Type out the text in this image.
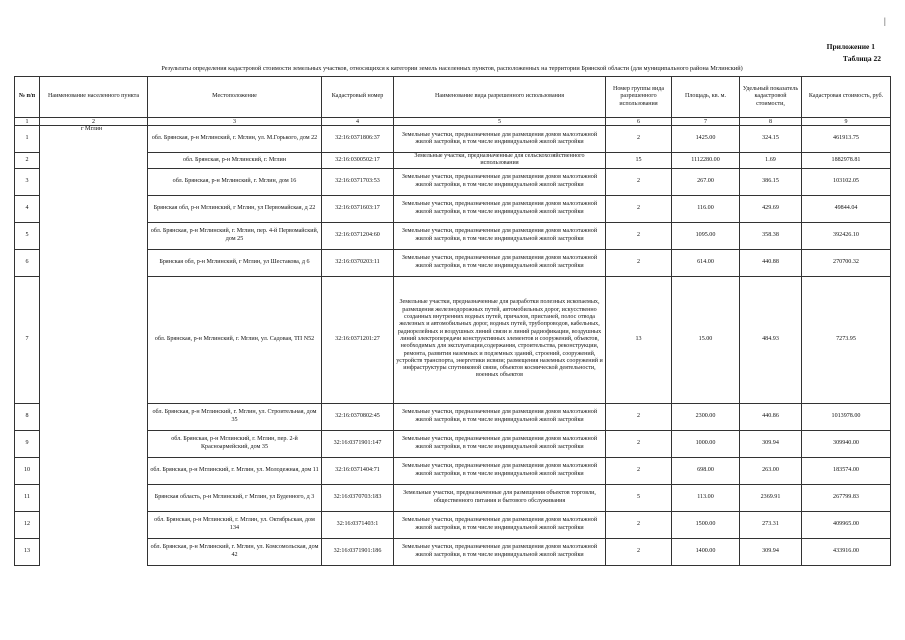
|
Приложение 1
Таблица 22
Результаты определения кадастровой стоимости земельных участков, относящихся к категории земель населенных пунктов, расположенных на территории Брянской области (для муниципального района Мглинский)
№ п/п	Наименование населенного пункта	Местоположение	Кадастровый номер	Наименование вида разрешенного использования	Номер группы вида разрешенного использования	Площадь, кв. м.	Удельный показатель кадастровой стоимости,	Кадастровая стоимость, руб.
1	2	3	4	5	6	7	8	9
1	г Мглин	обл. Брянская, р-н Мглинский, г. Мглин, ул. М.Горького, дом 22	32:16:0371806:37	Земельные участки, предназначенные для размещения домов малоэтажной жилой застройки, в том числе индивидуальной жилой застройки	2	1425.00	324.15	461913.75
2		обл. Брянская, р-н Мглинский, г. Мглин	32:16:0300502:17	Земельные участки, предназначенные для сельскохозяйственного использования	15	1112280.00	1.69	1882978.81
3		обл. Брянская, р-н Мглинский, г. Мглин, дом 16	32:16:0371703:53	Земельные участки, предназначенные для размещения домов малоэтажной жилой застройки, в том числе индивидуальной жилой застройки	2	267.00	386.15	103102.05
4		Брянская обл, р-н Мглинский, г Мглин, ул Первомайская, д 22	32:16:0371603:17	Земельные участки, предназначенные для размещения домов малоэтажной жилой застройки, в том числе индивидуальной жилой застройки	2	116.00	429.69	49844.04
5		обл. Брянская, р-н Мглинский, г. Мглин, пер. 4-й Первомайский, дом 25	32:16:0371204:60	Земельные участки, предназначенные для размещения домов малоэтажной жилой застройки, в том числе индивидуальной жилой застройки	2	1095.00	358.38	392426.10
6		Брянская обл, р-н Мглинский, г Мглин, ул Шестакова, д 6	32:16:0370203:11	Земельные участки, предназначенные для размещения домов малоэтажной жилой застройки, в том числе индивидуальной жилой застройки	2	614.00	440.88	270700.32
7		обл. Брянская, р-н Мглинский, г. Мглин, ул. Садовая, ТП N52	32:16:0371201:27	Земельные участки, предназначенные для разработки полезных ископаемых, размещения железнодорожных путей, автомобильных дорог, искусственно созданных внутренних водных путей, причалов, пристаней, полос отвода железных и автомобильных дорог, водных путей, трубопроводов, кабельных, радиорелейных и воздушных линий связи и линий радиофикации, воздушных линий электропередачи конструктивных элементов и сооружений, объектов, необходимых для эксплуатации,содержания, строительства, реконструкции, ремонта, развития наземных и подземных зданий, строений, сооружений, устройств транспорта, энергетики исвязи; размещения наземных сооружений и инфраструктуры спутниковой связи, объектов космической деятельности, военных объектов	13	15.00	484.93	7273.95
8		обл. Брянская, р-н Мглинский, г. Мглин, ул. Строительная, дом 35	32:16:0370802:45	Земельные участки, предназначенные для размещения домов малоэтажной жилой застройки, в том числе индивидуальной жилой застройки	2	2300.00	440.86	1013978.00
9		обл. Брянская, р-н Мглинский, г. Мглин, пер. 2-й Красноармейский, дом 35	32:16:0371901:147	Земельные участки, предназначенные для размещения домов малоэтажной жилой застройки, в том числе индивидуальной жилой застройки	2	1000.00	309.94	309940.00
10		обл. Брянская, р-н Мглинский, г. Мглин, ул. Молодежная, дом 11	32:16:0371404:71	Земельные участки, предназначенные для размещения домов малоэтажной жилой застройки, в том числе индивидуальной жилой застройки	2	698.00	263.00	183574.00
11		Брянская область, р-н Мглинский, г Мглин, ул Буденного, д 3	32:16:0370703:183	Земельные участки, предназначенные для размещения объектов торговли, общественного питания и бытового обслуживания	5	113.00	2369.91	267799.83
12		обл. Брянская, р-н Мглинский, г. Мглин, ул. Октябрьская, дом 134	32:16:0371403:1	Земельные участки, предназначенные для размещения домов малоэтажной жилой застройки, в том числе индивидуальной жилой застройки	2	1500.00	273.31	409965.00
13		обл. Брянская, р-н Мглинский, г. Мглин, ул. Комсомольская, дом 42	32:16:0371901:186	Земельные участки, предназначенные для размещения домов малоэтажной жилой застройки, в том числе индивидуальной жилой застройки	2	1400.00	309.94	433916.00
